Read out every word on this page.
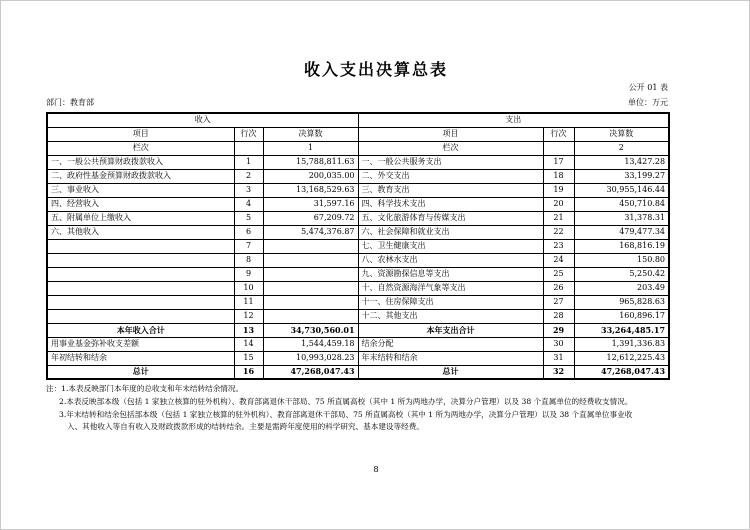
收入支出决算总表
公开 01 表
部门：教育部	单位：万元
收入			支出		
项目	行次	决算数	项目	行次	决算数
栏次		1	栏次		2
一、一般公共预算财政拨款收入	1	15,788,811.63	一、一般公共服务支出	17	13,427.28
二、政府性基金预算财政拨款收入	2	200,035.00	二、外交支出	18	33,199.27
三、事业收入	3	13,168,529.63	三、教育支出	19	30,955,146.44
四、经营收入	4	31,597.16	四、科学技术支出	20	450,710.84
五、附属单位上缴收入	5	67,209.72	五、文化旅游体育与传媒支出	21	31,378.31
六、其他收入	6	5,474,376.87	六、社会保障和就业支出	22	479,477.34
	7		七、卫生健康支出	23	168,816.19
	8		八、农林水支出	24	150.80
	9		九、资源勘探信息等支出	25	5,250.42
	10		十、自然资源海洋气象等支出	26	203.49
	11		十一、住房保障支出	27	965,828.63
	12		十二、其他支出	28	160,896.17
本年收入合计	13	34,730,560.01	本年支出合计	29	33,264,485.17
用事业基金弥补收支差额	14	1,544,459.18	结余分配	30	1,391,336.83
年初结转和结余	15	10,993,028.23	年末结转和结余	31	12,612,225.43
总计	16	47,268,047.43	总计	32	47,268,047.43
注：1.本表反映部门本年度的总收支和年末结转结余情况。
2.本表反映部本级（包括 1 家独立核算的驻外机构）、教育部离退休干部局、75 所直属高校（其中 1 所为两地办学，决算分户管理）以及 38 个直属单位的经费收支情况。
3.年末结转和结余包括部本级（包括 1 家独立核算的驻外机构）、教育部离退休干部局、75 所直属高校（其中 1 所为两地办学，决算分户管理）以及 38 个直属单位事业收
入、其他收入等自有收入及财政拨款形成的结转结余。主要是需跨年度使用的科学研究、基本建设等经费。
8
